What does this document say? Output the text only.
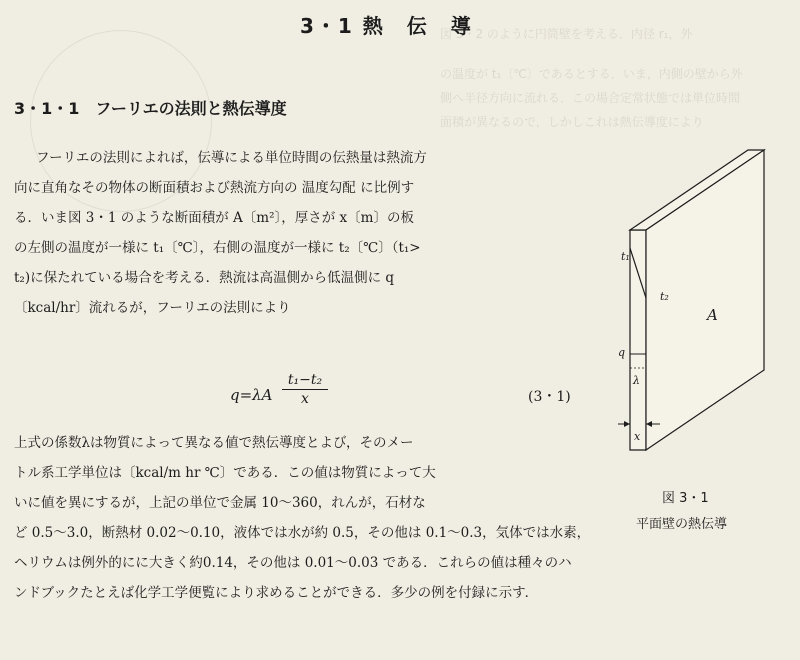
図 3・2 のように円筒壁を考える．内径 r₁，外
の温度が t₁〔℃〕であるとする．いま，内側の壁から外
側へ半径方向に流れる．この場合定常状態では単位時間
面積が異なるので，しかしこれは熱伝導度により
3・1 熱　伝　導
3・1・1　フーリエの法則と熱伝導度
フーリエの法則によれば，伝導による単位時間の伝熱量は熱流方
向に直角なその物体の断面積および熱流方向の 温度勾配 に比例す
る．いま図 3・1 のような断面積が A〔m²〕，厚さが x〔m〕の板
の左側の温度が一様に t₁〔℃〕，右側の温度が一様に t₂〔℃〕（t₁>
t₂)に保たれている場合を考える．熱流は高温側から低温側に q
〔kcal/hr〕流れるが，フーリエの法則により
$q=\lambda A \frac{\text{t₁−t₂}}{x}$	(3・1)
上式の係数λは物質によって異なる値で熱伝導度とよび，そのメー
トル系工学単位は〔kcal/m hr ℃〕である．この値は物質によって大
いに値を異にするが，上記の単位で金属 10〜360，れんが，石材な
ど 0.5〜3.0，断熱材 0.02〜0.10，液体では水が約 0.5，その他は 0.1〜0.3，気体では水素，
ヘリウムは例外的にに大きく約0.14，その他は 0.01〜0.03 である．これらの値は種々のハ
ンドブックたとえば化学工学便覧により求めることができる．多少の例を付録に示す．
t₁
t₂
A
q
λ
x
図 3・1
平面壁の熱伝導
